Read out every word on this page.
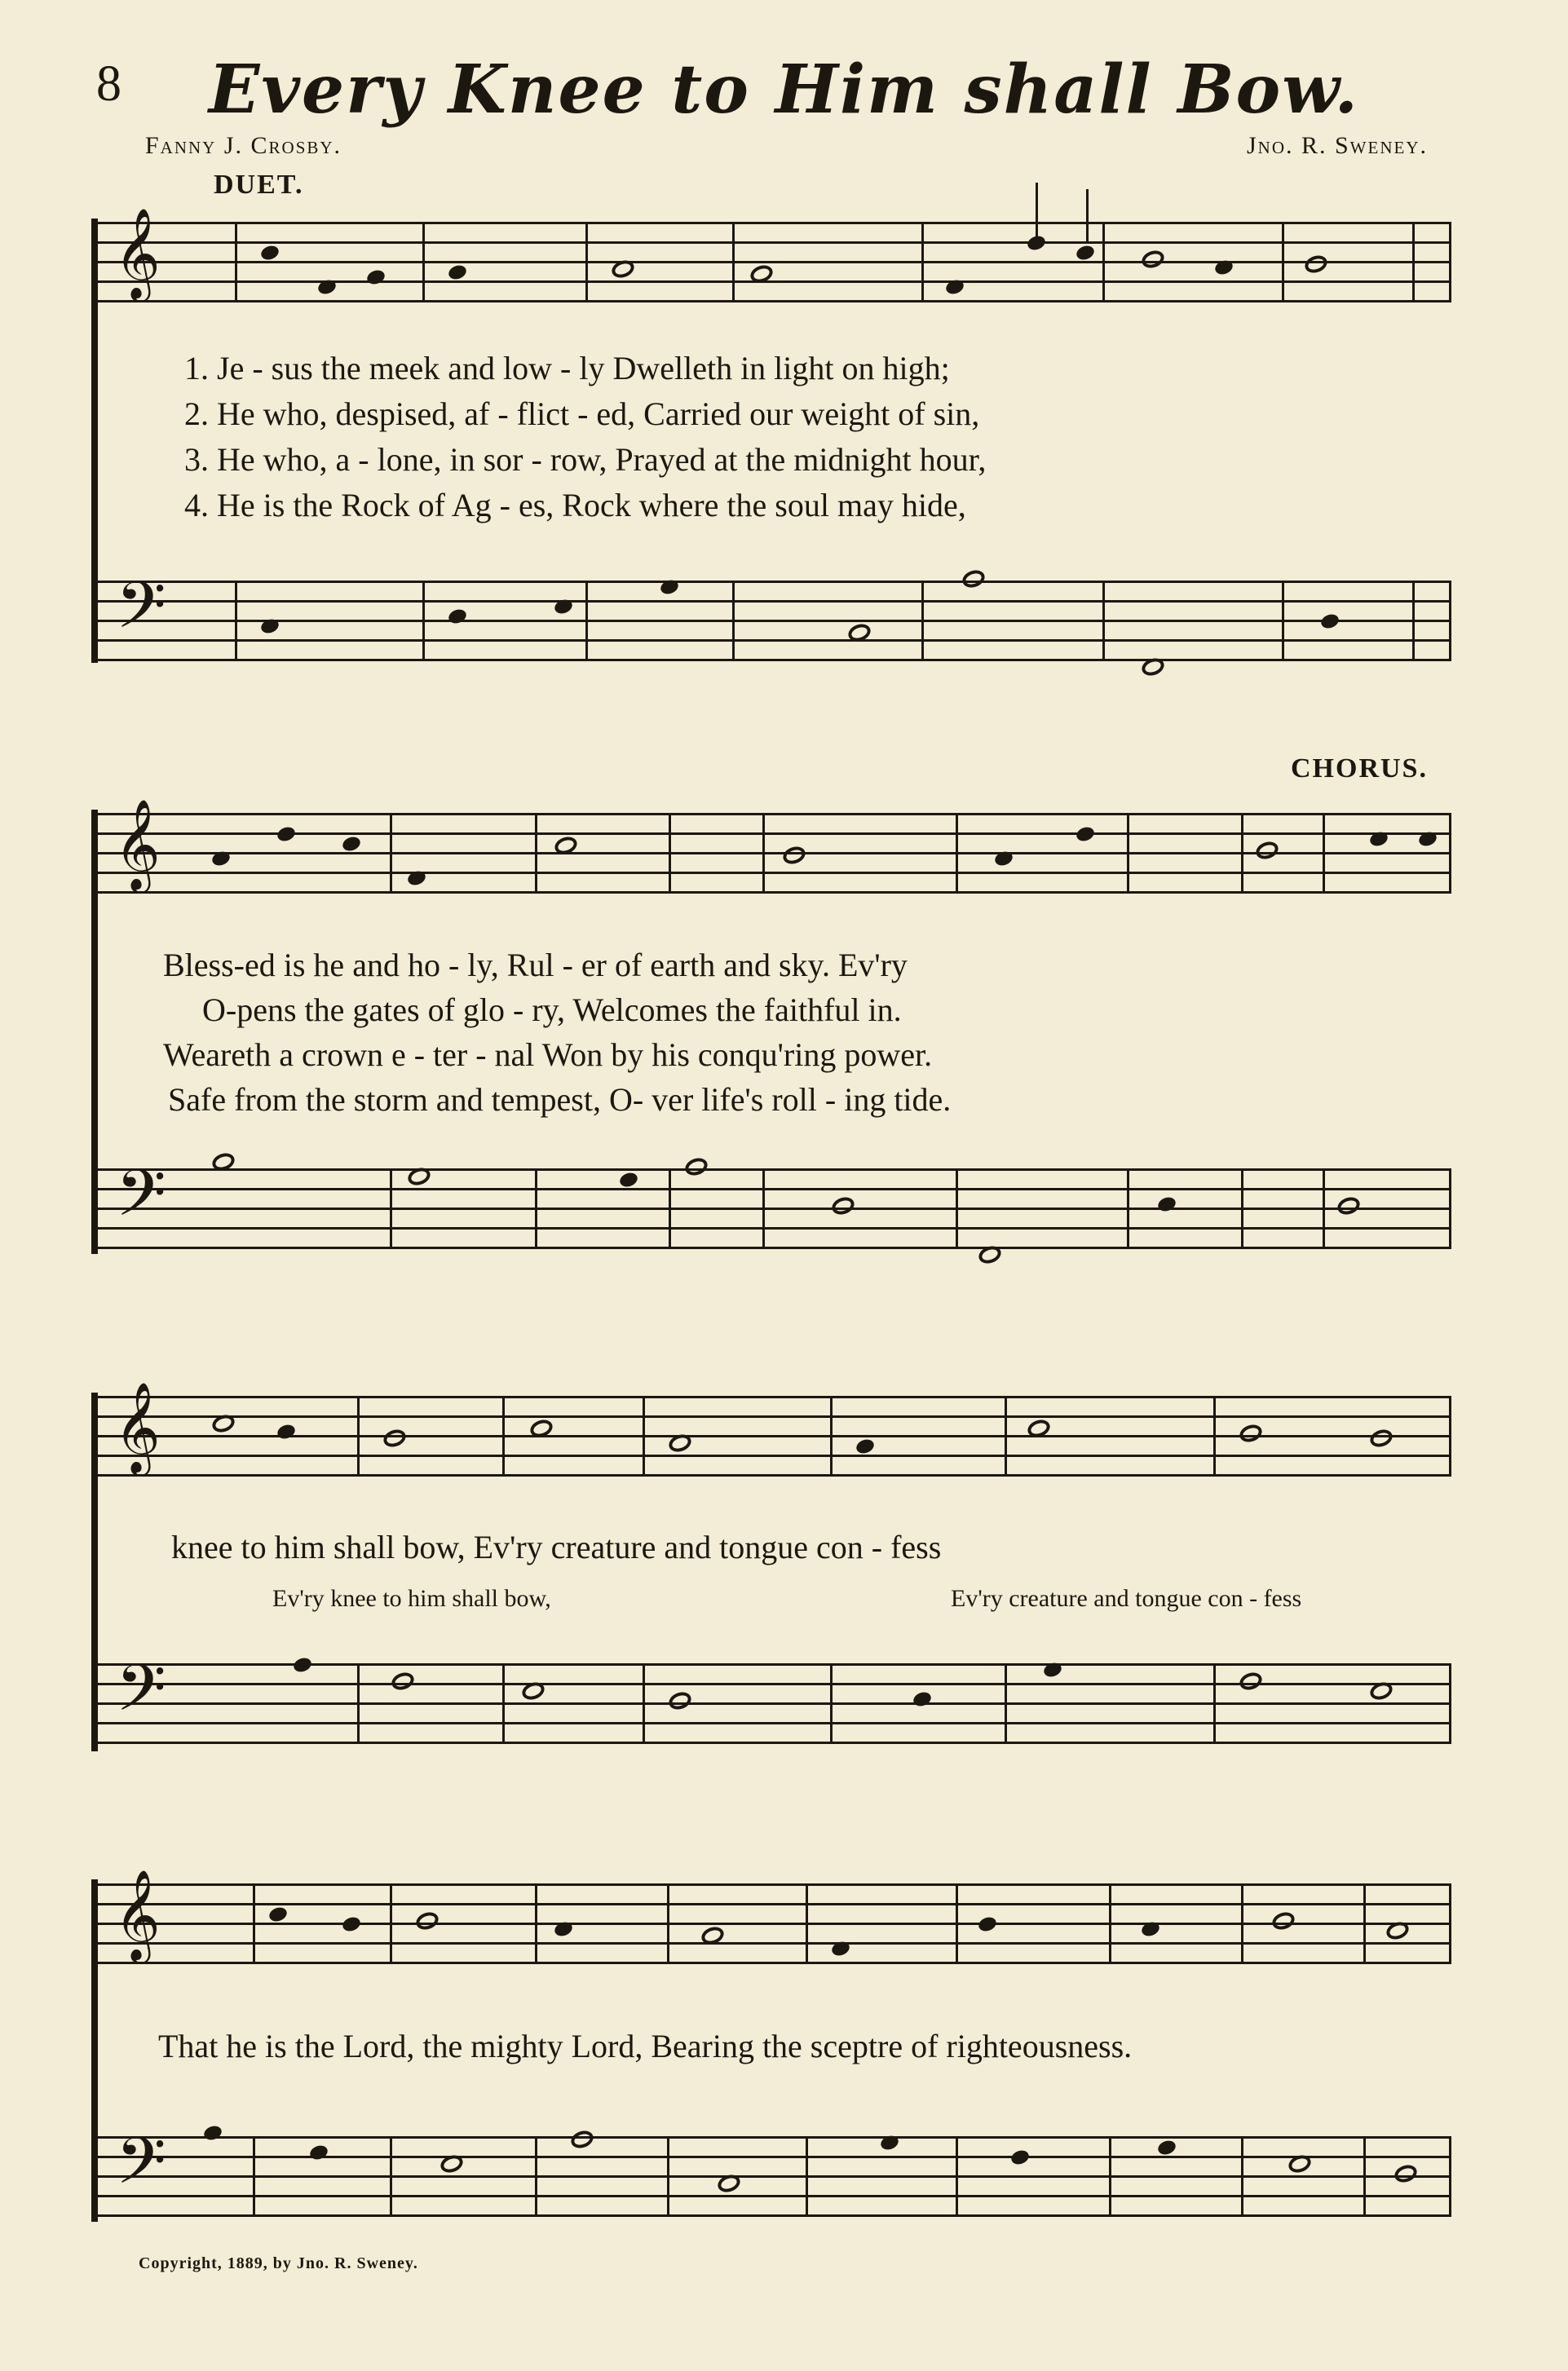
8	Every Knee to Him shall Bow.
Fanny J. Crosby.	Jno. R. Sweney.
DUET.
CHORUS.
𝄞
1. Je - sus the meek and low - ly Dwelleth in light on high;
2. He who, despised, af - flict - ed, Carried our weight of sin,
3. He who, a - lone, in sor - row, Prayed at the midnight hour,
4. He is the Rock of Ag - es, Rock where the soul may hide,
𝄢
𝄞
Bless-ed is he and ho - ly, Rul - er of earth and sky. Ev'ry
O-pens the gates of glo - ry, Welcomes the faithful in.
Weareth a crown e - ter - nal Won by his conqu'ring power.
Safe from the storm and tempest, O- ver life's roll - ing tide.
𝄢
𝄞
knee to him shall bow, Ev'ry creature and tongue con - fess
Ev'ry knee to him shall bow,	Ev'ry creature and tongue con - fess
𝄢
𝄞
That he is the Lord, the mighty Lord, Bearing the sceptre of righteousness.
𝄢
Copyright, 1889, by Jno. R. Sweney.
